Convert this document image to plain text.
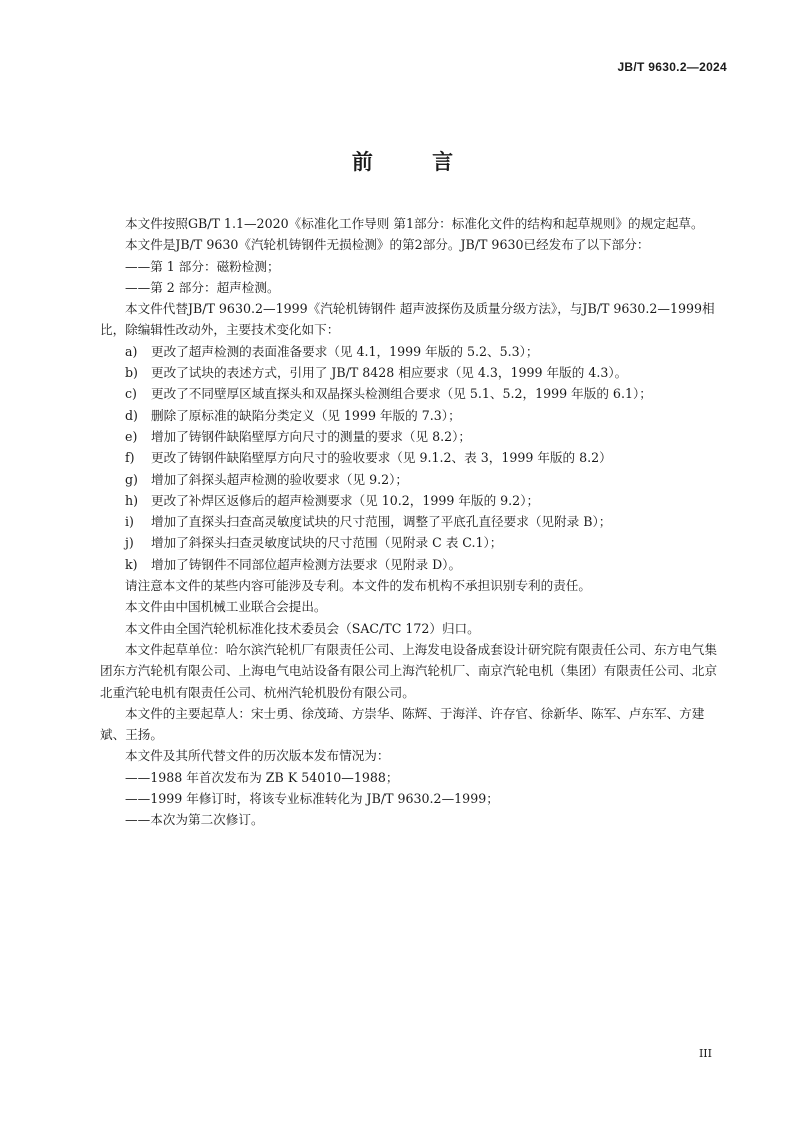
JB/T 9630.2—2024
前 言

本文件按照GB/T 1.1—2020《标准化工作导则 第1部分：标准化文件的结构和起草规则》的规定起草。

本文件是JB/T 9630《汽轮机铸钢件无损检测》的第2部分。JB/T 9630已经发布了以下部分：

——第 1 部分：磁粉检测；

——第 2 部分：超声检测。

本文件代替JB/T 9630.2—1999《汽轮机铸钢件 超声波探伤及质量分级方法》，与JB/T 9630.2—1999相比，除编辑性改动外，主要技术变化如下：

a)	更改了超声检测的表面准备要求（见 4.1，1999 年版的 5.2、5.3）；
b)	更改了试块的表述方式，引用了 JB/T 8428 相应要求（见 4.3，1999 年版的 4.3）。
c)	更改了不同壁厚区域直探头和双晶探头检测组合要求（见 5.1、5.2，1999 年版的 6.1）；
d)	删除了原标准的缺陷分类定义（见 1999 年版的 7.3）；
e)	增加了铸钢件缺陷壁厚方向尺寸的测量的要求（见 8.2）；
f)	更改了铸钢件缺陷壁厚方向尺寸的验收要求（见 9.1.2、表 3，1999 年版的 8.2）
g)	增加了斜探头超声检测的验收要求（见 9.2）；
h)	更改了补焊区返修后的超声检测要求（见 10.2，1999 年版的 9.2）；
i)	增加了直探头扫查高灵敏度试块的尺寸范围，调整了平底孔直径要求（见附录 B）；
j)	增加了斜探头扫查灵敏度试块的尺寸范围（见附录 C 表 C.1）；
k)	增加了铸钢件不同部位超声检测方法要求（见附录 D）。

请注意本文件的某些内容可能涉及专利。本文件的发布机构不承担识别专利的责任。

本文件由中国机械工业联合会提出。

本文件由全国汽轮机标准化技术委员会（SAC/TC 172）归口。

本文件起草单位：哈尔滨汽轮机厂有限责任公司、上海发电设备成套设计研究院有限责任公司、东方电气集团东方汽轮机有限公司、上海电气电站设备有限公司上海汽轮机厂、南京汽轮电机（集团）有限责任公司、北京北重汽轮电机有限责任公司、杭州汽轮机股份有限公司。

本文件的主要起草人：宋士勇、徐茂琦、方崇华、陈辉、于海洋、许存官、徐新华、陈军、卢东军、方建斌、王扬。

本文件及其所代替文件的历次版本发布情况为：

——1988 年首次发布为 ZB K 54010—1988；

——1999 年修订时，将该专业标准转化为 JB/T 9630.2—1999；

——本次为第二次修订。

III
